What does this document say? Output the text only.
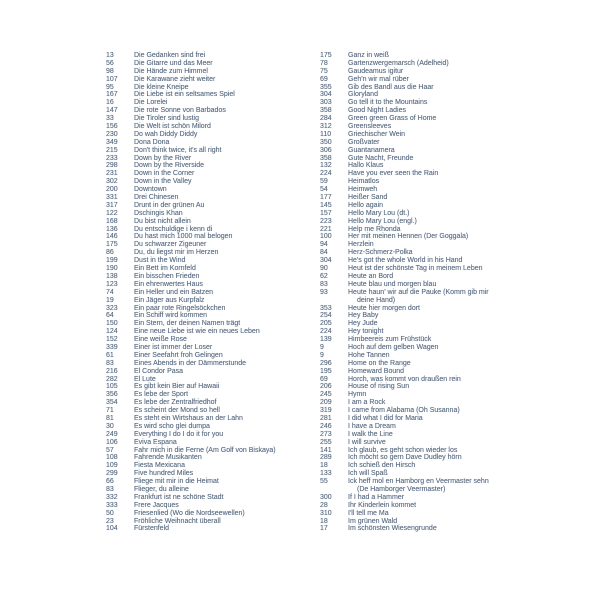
13	Die Gedanken sind frei
56	Die Gitarre und das Meer
98	Die Hände zum Himmel
107	Die Karawane zieht weiter
95	Die kleine Kneipe
167	Die Liebe ist ein seltsames Spiel
16	Die Lorelei
147	Die rote Sonne von Barbados
33	Die Tiroler sind lustig
156	Die Welt ist schön Milord
230	Do wah Diddy Diddy
349	Dona Dona
215	Don't think twice, it's all right
233	Down by the River
298	Down by the Riverside
231	Down in the Corner
302	Down in the Valley
200	Downtown
331	Drei Chinesen
317	Drunt in der grünen Au
122	Dschingis Khan
168	Du bist nicht allein
136	Du entschuldige i kenn di
146	Du hast mich 1000 mal belogen
175	Du schwarzer Zigeuner
86	Du, du liegst mir im Herzen
199	Dust in the Wind
190	Ein Bett im Kornfeld
138	Ein bisschen Frieden
123	Ein ehrenwertes Haus
74	Ein Heller und ein Batzen
19	Ein Jäger aus Kurpfalz
323	Ein paar rote Ringelsöckchen
64	Ein Schiff wird kommen
150	Ein Stern, der deinen Namen trägt
124	Eine neue Liebe ist wie ein neues Leben
152	Eine weiße Rose
339	Einer ist immer der Loser
61	Einer Seefahrt froh Gelingen
83	Eines Abends in der Dämmerstunde
216	El Condor Pasa
282	El Lute
105	Es gibt kein Bier auf Hawaii
356	Es lebe der Sport
354	Es lebe der Zentralfriedhof
71	Es scheint der Mond so hell
81	Es steht ein Wirtshaus an der Lahn
30	Es wird scho glei dumpa
249	Everything I do I do it for you
106	Eviva Espana
57	Fahr mich in die Ferne (Am Golf von Biskaya)
108	Fahrende Musikanten
109	Fiesta Mexicana
299	Five hundred Miles
66	Fliege mit mir in die Heimat
83	Flieger, du alleine
332	Frankfurt ist ne schöne Stadt
333	Frere Jacques
50	Friesenlied (Wo die Nordseewellen)
23	Fröhliche Weihnacht überall
104	Fürstenfeld
175	Ganz in weiß
78	Gartenzwergemarsch (Adelheid)
75	Gaudeamus igitur
69	Geh'n wir mal rüber
355	Gib des Bandl aus die Haar
304	Gloryland
303	Go tell it to the Mountains
358	Good Night Ladies
284	Green green Grass of Home
312	Greensleeves
110	Griechischer Wein
350	Großvater
306	Guantanamera
358	Gute Nacht, Freunde
132	Hallo Klaus
224	Have you ever seen the Rain
59	Heimatlos
54	Heimweh
177	Heißer Sand
145	Hello again
157	Hello Mary Lou (dt.)
223	Hello Mary Lou (engl.)
221	Help me Rhonda
100	Her mit meinen Hennen (Der Goggala)
94	Herzlein
84	Herz-Schmerz-Polka
304	He's got the whole World in his Hand
90	Heut ist der schönste Tag in meinem Leben
62	Heute an Bord
83	Heute blau und morgen blau
93	Heute haun' wir auf die Pauke (Komm gib mir
deine Hand)
353	Heute hier morgen dort
254	Hey Baby
205	Hey Jude
224	Hey tonight
139	Himbeereis zum Frühstück
9	Hoch auf dem gelben Wagen
9	Hohe Tannen
296	Home on the Range
195	Homeward Bound
69	Horch, was kommt von draußen rein
206	House of rising Sun
245	Hymn
209	I am a Rock
319	I came from Alabama (Oh Susanna)
281	I did what I did for Maria
246	I have a Dream
273	I walk the Line
255	I will survive
141	Ich glaub, es geht schon wieder los
289	Ich möcht so gern Dave Dudley hörn
18	Ich schieß den Hirsch
133	Ich will Spaß
55	Ick heff mol en Hamborg en Veermaster sehn
(De Hamborger Veermaster)
300	If I had a Hammer
28	Ihr Kinderlein kommet
310	I'll tell me Ma
18	Im grünen Wald
17	Im schönsten Wiesengrunde
